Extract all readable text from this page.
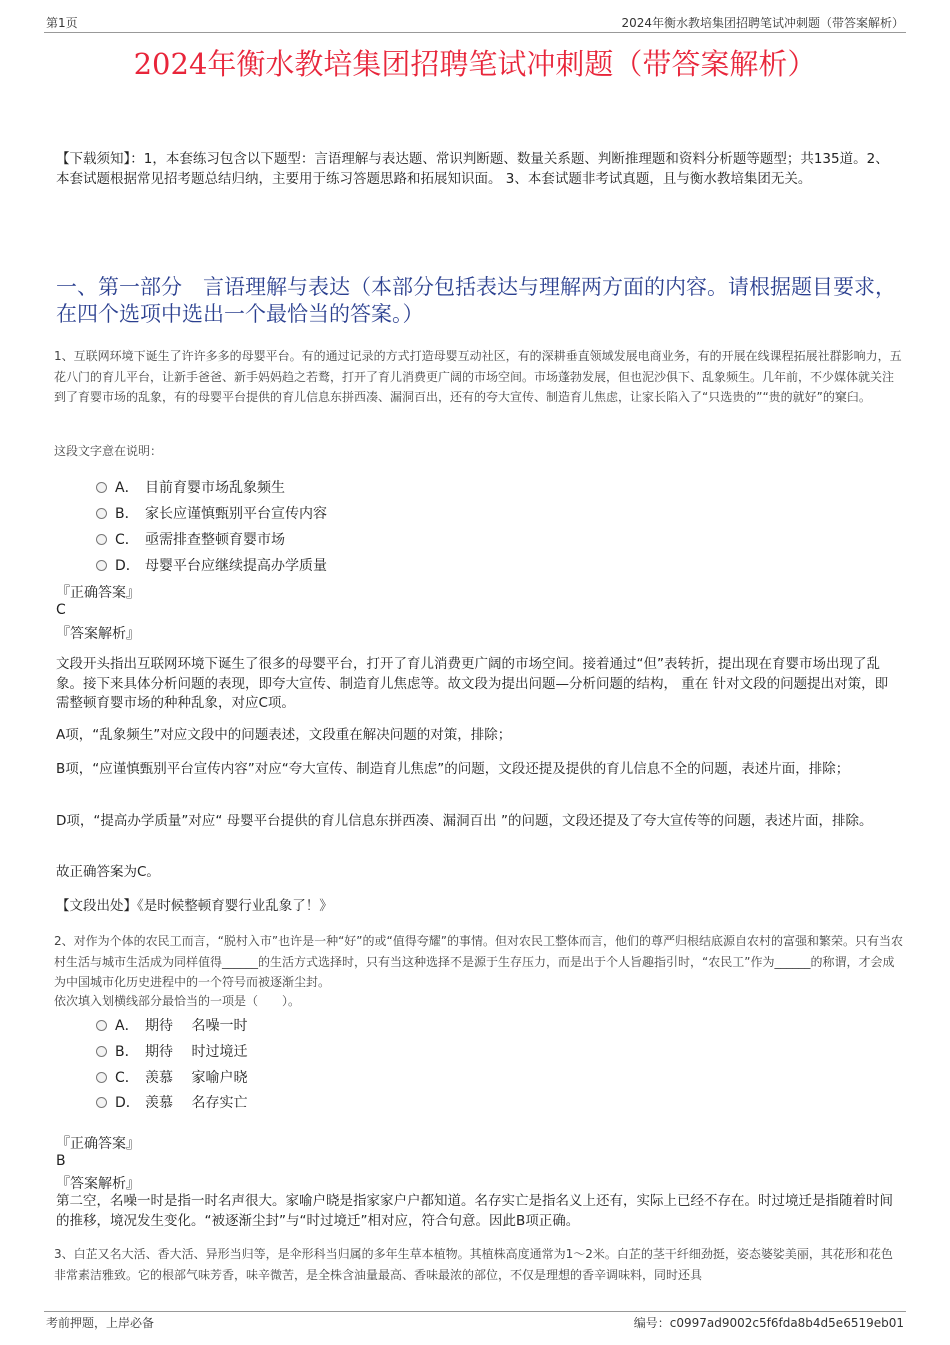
第1页	2024年衡水教培集团招聘笔试冲刺题（带答案解析）
2024年衡水教培集团招聘笔试冲刺题（带答案解析）
【下载须知】：1，本套练习包含以下题型：言语理解与表达题、常识判断题、数量关系题、判断推理题和资料分析题等题型；共135道。2、本套试题根据常见招考题总结归纳，主要用于练习答题思路和拓展知识面。 3、本套试题非考试真题，且与衡水教培集团无关。
一、第一部分　言语理解与表达（本部分包括表达与理解两方面的内容。请根据题目要求，在四个选项中选出一个最恰当的答案。）
1、互联网环境下诞生了许许多多的母婴平台。有的通过记录的方式打造母婴互动社区，有的深耕垂直领域发展电商业务，有的开展在线课程拓展社群影响力，五花八门的育儿平台，让新手爸爸、新手妈妈趋之若鹜，打开了育儿消费更广阔的市场空间。市场蓬勃发展，但也泥沙俱下、乱象频生。几年前，不少媒体就关注到了育婴市场的乱象，有的母婴平台提供的育儿信息东拼西凑、漏洞百出，还有的夸大宣传、制造育儿焦虑，让家长陷入了“只选贵的”“贵的就好”的窠臼。
这段文字意在说明：
A． 目前育婴市场乱象频生
B． 家长应谨慎甄别平台宣传内容
C． 亟需排查整顿育婴市场
D． 母婴平台应继续提高办学质量
『正确答案』
C
『答案解析』
文段开头指出互联网环境下诞生了很多的母婴平台，打开了育儿消费更广阔的市场空间。接着通过“但”表转折，提出现在育婴市场出现了乱象。接下来具体分析问题的表现，即夸大宣传、制造育儿焦虑等。故文段为提出问题—分析问题的结构， 重在 针对文段的问题提出对策，即需整顿育婴市场的种种乱象，对应C项。
A项，“乱象频生”对应文段中的问题表述，文段重在解决问题的对策，排除；
B项，“应谨慎甄别平台宣传内容”对应“夸大宣传、制造育儿焦虑”的问题，文段还提及提供的育儿信息不全的问题，表述片面，排除；
D项，“提高办学质量”对应“ 母婴平台提供的育儿信息东拼西凑、漏洞百出 ”的问题，文段还提及了夸大宣传等的问题，表述片面，排除。
故正确答案为C。
【文段出处】《是时候整顿育婴行业乱象了！》
2、对作为个体的农民工而言，“脱村入市”也许是一种“好”的或“值得夸耀”的事情。但对农民工整体而言，他们的尊严归根结底源自农村的富强和繁荣。只有当农村生活与城市生活成为同样值得______的生活方式选择时，只有当这种选择不是源于生存压力，而是出于个人旨趣指引时，“农民工”作为______的称谓，才会成为中国城市化历史进程中的一个符号而被逐渐尘封。
依次填入划横线部分最恰当的一项是（　　）。
A． 期待　 名噪一时
B． 期待　 时过境迁
C． 羡慕　 家喻户晓
D． 羡慕　 名存实亡
『正确答案』
B
『答案解析』
第二空，名噪一时是指一时名声很大。家喻户晓是指家家户户都知道。名存实亡是指名义上还有，实际上已经不存在。时过境迁是指随着时间的推移，境况发生变化。“被逐渐尘封”与“时过境迁”相对应，符合句意。因此B项正确。
3、白芷又名大活、香大活、异形当归等，是伞形科当归属的多年生草本植物。其植株高度通常为1～2米。白芷的茎干纤细劲挺，姿态婆娑美丽，其花形和花色非常素洁雅致。它的根部气味芳香，味辛微苦，是全株含油量最高、香味最浓的部位，不仅是理想的香辛调味料，同时还具
考前押题，上岸必备	编号：c0997ad9002c5f6fda8b4d5e6519eb01
